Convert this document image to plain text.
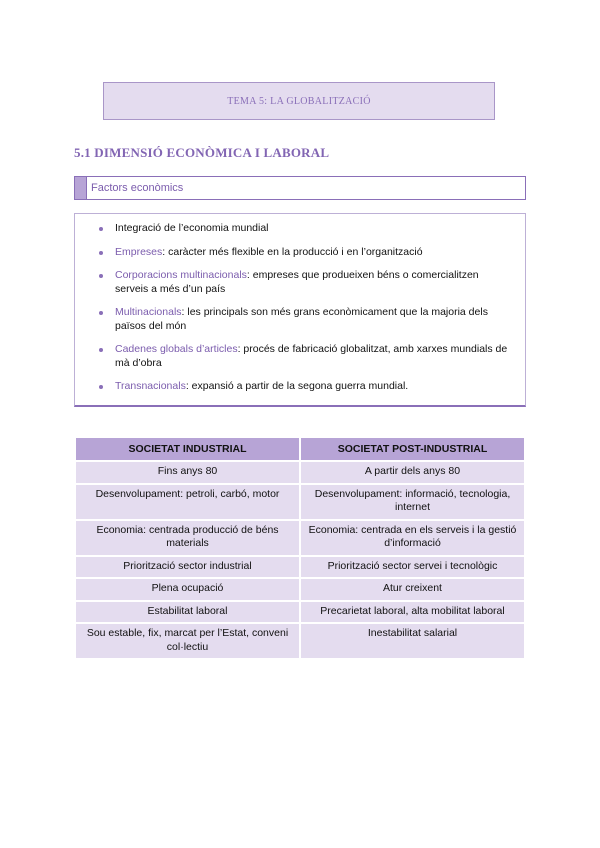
TEMA 5: LA GLOBALITZACIÓ
5.1 DIMENSIÓ ECONÒMICA I LABORAL
Factors econòmics
Integració de l’economia mundial
Empreses: caràcter més flexible en la producció i en l’organització
Corporacions multinacionals: empreses que produeixen béns o comercialitzen serveis a més d’un país
Multinacionals: les principals son més grans econòmicament que la majoria dels països del món
Cadenes globals d’articles: procés de fabricació globalitzat, amb xarxes mundials de mà d’obra
Transnacionals: expansió a partir de la segona guerra mundial.
SOCIETAT INDUSTRIAL	SOCIETAT POST-INDUSTRIAL
Fins anys 80	A partir dels anys 80
Desenvolupament: petroli, carbó, motor	Desenvolupament: informació, tecnologia, internet
Economia: centrada producció de béns materials	Economia: centrada en els serveis i la gestió d’informació
Priorització sector industrial	Priorització sector servei i tecnològic
Plena ocupació	Atur creixent
Estabilitat laboral	Precarietat laboral, alta mobilitat laboral
Sou estable, fix, marcat per l’Estat, conveni col·lectiu	Inestabilitat salarial
